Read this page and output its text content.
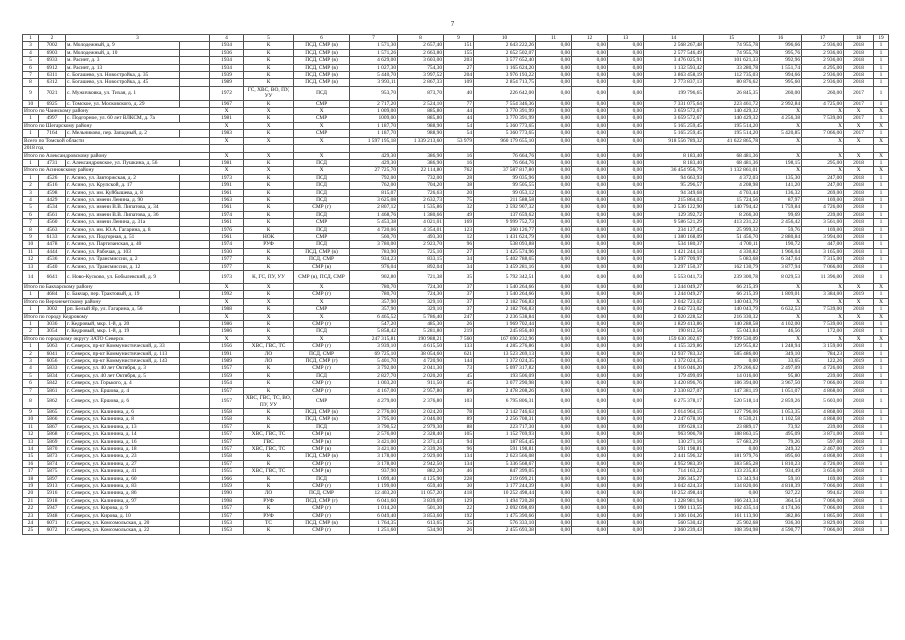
7
1	2	3		4	5	6	7	8	9	10	11	12	13	14	15	16	17	18	19
3	7002	м. Молодежный, д. 9		1934	К	ПСД, СМР (в)	1 571,30	2 657,40	151	2 643 222,26	0,00	0,00	0,00	2 568 267,48	74 955,78	996,66	2 936,00	2018	1
4	6903	м. Молодежный, д. 10		1936	К	ПСД, СМР (в)	1 571,26	2 663,80	155	2 652 502,07	0,00	0,00	0,00	2 577 546,49	74 955,78	995,76	2 936,00	2018	1
5	6933	м. Расинт, д. 3		1934	К	ПСД, СМР (в)	4 629,00	3 603,00	203	3 577 652,40	0,00	0,00	0,00	3 476 025,91	101 621,33	992,96	2 936,00	2018	1
6	6912	м. Расинт, д. 13		1934	К	ПСД, СМР (в)	1 027,30	754,30	27	1 165 624,20	0,00	0,00	0,00	1 132 593,42	33 280,78	1 551,74	4 295,00	2018	1
7	6311	с. Богашево, ул. Новостройка, д. 35		1939	К	ПСД, СМР (в)	5 440,70	3 997,52	204	3 976 193,22	0,00	0,00	0,00	3 863 458,19	112 735,03	994,66	2 936,00	2018	1
8	6312	с. Богашево, ул. Новостройка, д. 45		1989	К	ПСД, СМР (в)	3 993,11	2 867,33	109	2 854 713,75	0,00	0,00	0,00	2 773 837,13	80 876,62	995,60	2 936,00	2018	1
9	7021	с. Мужичковка, ул. Тихая, д. 1		1972	ГС, ХВС, ВО, ПУ, УУ	ПСД	953,70	873,70	40	226 642,00	0,00	0,00	0,00	199 796,65	26 845,35	260,00	260,00	2017	1
10	6925	с. Томское, ул. Московского, д. 29		1967	К	СМР	2 717,20	2 524,10	77	7 554 346,36	0,00	0,00	0,00	7 331 075,64	223 461,72	2 992,84	4 725,00	2017	1
Итого по Чаинскому району				X	X	X	1 009,00	885,80	44	3 770 391,99	0,00	0,00	0,00	3 659 572,67	140 429,32	X	X	X	X
1	4997	с. Подгорное, ул. 60 лет ВЛКСМ, д. 7а		1981	К	СМР	1009,00	885,80	44	3 770 391,99	0,00	0,00	0,00	3 659 572,67	140 429,32	4 256,38	7 539,00	2017	1
Итого по Шегарскому району				X	X	X	1 187,70	988,90	54	5 360 773,65	0,00	0,00	0,00	5 165 259,45	195 514,20	X	X	X	X
1	7164	с. Мельниково, пер. Западный, д. 2		1983	К	СМР	1 187,70	988,90	54	5 360 773,65	0,00	0,00	0,00	5 165 259,45	195 514,20	5 420,85	7 066,00	2017	1
Всего по Томской области				X	X	X	1 597 195,18	1 339 213,60	53 979	960 179 655,10	0,00	0,00	0,00	918 556 789,32	41 622 865,78	X	X	X	X
2018 год																			
Итого по Александровскому району				X	X	X	429,30	386,90	16	76 664,76	0,00	0,00	0,00	8 183,40	68 481,36	X	X	X	X
1	4731	с. Александровское, ул. Пушкина, д. 56		1981	К	ПСД	429,30	386,90	16	76 664,76	0,00	0,00	0,00	8 183,40	68 481,36	198,15	295,00	2018	1
Итого по Асиновскому району				X	X	X	27 725,70	22 114,80	762	37 587 817,80	0,00	0,00	0,00	36 454 956,79	1 132 861,01	X	X	X	X
1	4526	г. Асино, ул. Завторжская, д. 2		1973	К	ПСД	792,00	732,00	28	99 035,96	0,00	0,00	0,00	94 663,93	4 372,03	135,30	247,00	2018	1
2	4516	г. Асино, ул. Крупской, д. 17		1991	К	ПСД	762,00	704,20	38	99 505,55	0,00	0,00	0,00	95 296,57	4 208,98	141,20	247,00	2018	1
3	4598	г. Асино, ул. им. Куйбышева, д. 8		1961	К	ПСД	815,07	726,63	20	99 053,12	0,00	0,00	0,00	94 349,68	4 703,44	136,32	269,00	2018	1
4	4429	г. Асино, ул. имени Ленина, д. 90		1963	К	ПСД	3 625,08	2 632,73	75	211 588,58	0,00	0,00	0,00	215 864,02	15 724,56	87,97	169,00	2018	1
5	4534	г. Асино, ул. имени В.В. Липатова, д. 34		1961	К	СМР (г)	2 807,12	1 535,86	32	2 592 907,32	0,00	0,00	0,00	2 536 122,90	140 794,42	1 759,84	4 726,00	2018	1
6	4561	г. Асино, ул. имени В.В. Липатова, д. 36		1974	К	ПСД	1 468,76	1 380,66	49	137 659,62	0,00	0,00	0,00	129 392,72	8 266,30	99,69	239,00	2018	1
7	4560	г. Асино, ул. имени Ленина, д. 31а		1961	К	СМР	5 453,38	4 021,01	169	9 999 752,73	0,00	0,00	0,00	9 586 521,29	413 231,22	2 456,42	3 561,00	2018	1
8	4563	г. Асино, ул. им. Ю.А. Гагарина, д. 8		1976	К	ПСД	4 720,06	4 354,01	123	260 126,77	0,00	0,00	0,00	234 127,45	25 999,32	59,76	169,00	2018	1
9	6133	г. Асино, ул. Подгорная, д. 51		1961	НОК	СМР	560,70	493,30	12	1 431 624,79	0,00	0,00	0,00	1 380 168,09	51 456,70	2 880,84	3 994,00	2018	1
10	4478	г. Асино, ул. Партизанская, д. 40		1974	РУФ	ПСД	3 780,00	2 923,70	96	538 093,88	0,00	0,00	0,00	534 180,37	4 700,11	190,72	447,00	2018	1
11	4444	г. Асино, ул. Рабочая, д. 103		1930	К	ПСД, СМР (в)	783,90	725,10	27	1 425 574,96	0,00	0,00	0,00	1 421 244,14	4 330,82	1 966,04	3 165,00	2018	1
12	4536	г. Асино, ул. Трансмиссии, д. 2		1977	К	ПСД, СМР	934,23	833,15	34	5 402 788,65	0,00	0,00	0,00	5 397 709,97	5 083,68	6 347,64	7 315,00	2018	1
13	4540	г. Асино, ул. Трансмиссии, д. 12		1977	К	СМР (в)	976,04	892,04	34	3 459 281,16	0,00	0,00	0,00	3 297 150,37	162 130,79	3 877,94	7 066,00	2018	1
14	6641	с. Ново-Кусково, ул. Бобылевский, д. 9		1973	К, ГС, ПУ, УУ	СМР (в), ПСД, СМР	902,80	721,38	35	5 792 342,51	0,00	0,00	0,00	5 553 041,73	239 300,78	8 029,53	11 396,00	2018	1
Итого по Бакчарскому району				X	X	X	780,70	724,30	37	1 540 264,66	0,00	0,00	0,00	1 244 049,27	66 215,39	X	X	X	X
1	4684	с. Бакчар, пер. Трактовый, д. 19		1992	К	СМР (г)	780,70	724,30	37	1 540 264,66	0,00	0,00	0,00	1 244 049,27	66 215,39	1 809,01	3 384,00	2019	1
Итого по Верхнекетскому району				X	X	X	357,90	329,10	37	2 182 766,83	0,00	0,00	0,00	2 042 723,02	140 043,79	X	X	X	X
1	3002	рп. Белый Яр, ул. Гагарина, д. 56		1988	К	СМР	357,90	329,10	37	2 182 766,83	0,00	0,00	0,00	2 042 723,02	140 043,79	6 632,53	7 539,00	2018	1
Итого по городу Кедровому				X	X	X	6 465,52	5 786,40	247	2 236 538,84	0,00	0,00	0,00	2 020 228,52	216 330,32	X	X	X	X
1	3036	г. Кедровый, мкр. 1-й, д. 20		1986	К	СМР (г)	547,20	485,30	26	1 969 702,44	0,00	0,00	0,00	1 829 413,86	140 288,58	4 102,00	7 539,00	2018	1
2	3054	г. Кедровый, мкр. 1-й, д. 19		1986	К	ПСД	5 858,42	5 281,80	219	245 856,40	0,00	0,00	0,00	190 812,56	55 043,84	46,56	172,00	2018	1
Итого по городскому округу ЗАТО Северск				X	X	X	247 315,81	190 988,21	7 560	167 690 232,96	0,00	0,00	0,00	159 630 302,67	7 999 530,09	X	X	X	X
1	5063	г. Северск, пр-кт Коммунистический, д. 33		1956	ХВС, ГВС, ТС	СМР (г)	3 939,10	4 615,50	133	4 285 276,86	0,00	0,00	0,00	4 155 329,86	129 955,82	1 248,94	3 159,00	2018	1
2	6041	г. Северск, пр-кт Коммунистический, д. 113		1991	ЛО	ПСД, СМР	69 725,10	38 054,60	621	13 523 269,13	0,00	0,00	0,00	12 937 783,32	585 486,00	349,10	784,23	2018	1
3	6056	г. Северск, пр-кт Коммунистический, д. 143		1989	ЛО	ПСД, СМР (г)	5 401,70	4 720,90	144	1 372 024,35	0,00	0,00	0,00	1 372 024,35	0,00	33,65	122,26	2019	1
4	5833	г. Северск, ул. 40 лет Октября, д. 3		1957	К	СМР (г)	3 792,00	2 041,30	73	5 097 317,82	0,00	0,00	0,00	4 916 046,20	279 266,62	2 497,09	4 726,00	2018	1
5	5834	г. Северск, ул. 40 лет Октября, д. 5		1959	К	ПСД	2 827,70	2 020,20	45	193 506,09	0,00	0,00	0,00	179 499,09	14 016,00	95,80	239,00	2018	1
6	5842	г. Северск, ул. Горького, д. 4		1954	К	СМР (г)	1 003,20	911,50	45	3 077 290,98	0,00	0,00	0,00	3 420 896,76	186 394,00	3 967,50	7 066,00	2018	1
7	5861	г. Северск, ул. Ершова, д. 4		1957	К	СМР (г)	4 167,00	2 957,80	89	2 478 208,26	0,00	0,00	0,00	2 330 827,07	147 381,19	1 051,07	4 868,00	2018	1
8	5862	г. Северск, ул. Ершова, д. 6		1957	ХВС, ГВС, ТС, ВО, ПУ, УУ	СМР	4 279,00	2 376,80	103	6 795 806,31	0,00	0,00	0,00	6 275 378,17	520 518,14	2 859,26	5 603,00	2018	1
9	5865	г. Северск, ул. Калинина, д. 6		1958	К	ПСД, СМР (в)	2 776,00	2 024,20	78	2 142 746,63	0,00	0,00	0,00	2 014 964,15	127 796,06	1 053,35	4 868,00	2018	1
10	5866	г. Северск, ул. Калинина, д. 8		1958	К	ПСД, СМР (в)	3 795,00	2 046,00	89	2 256 708,31	0,00	0,00	0,00	2 247 678,10	8 530,21	1 102,58	4 868,00	2018	1
11	5867	г. Северск, ул. Калинина, д. 13		1957	К	ПСД	3 790,52	2 979,30	88	223 717,30	0,00	0,00	0,00	199 628,13	23 889,17	73,92	239,00	2018	1
12	5868	г. Северск, ул. Калинина, д. 14		1957	ХВС, ГВС, ТС	СМР (в)	2 576,00	2 328,40	105	1 152 769,93	0,00	0,00	0,00	963 906,78	188 863,15	495,09	3 871,00	2018	1
13	5869	г. Северск, ул. Калинина, д. 16		1957	ГВС	СМР (в)	3 421,00	2 371,43	94	187 854,45	0,00	0,00	0,00	130 271,16	57 683,29	79,26	597,00	2018	1
14	5870	г. Северск, ул. Калинина, д. 18		1957	ХВС, ГВС, ТС	СМР (в)	3 421,00	2 339,26	96	591 198,81	0,00	0,00	0,00	591 198,81	0,00	249,32	2 467,00	2019	1
15	5873	г. Северск, ул. Калинина, д. 23		1958	К	ПСД, СМР (в)	3 178,00	2 929,00	134	2 623 566,08	0,00	0,00	0,00	2 441 596,32	181 979,76	895,60	4 868,00	2018	1
16	5874	г. Северск, ул. Калинина, д. 27		1957	К	СМР (г)	3 178,00	2 942,50	134	5 336 568,67	0,00	0,00	0,00	4 952 983,39	383 585,28	1 810,23	4 726,00	2018	1
17	5875	г. Северск, ул. Калинина, д. 41		1955	ХВС, ГВС, ТС	СМР (в)	937,90	882,20	46	847 399,05	0,00	0,00	0,00	714 163,22	133 235,83	934,49	3 656,00	2018	1
18	5897	г. Северск, ул. Калинина, д. 60		1966	К	ПСД	1 099,40	4 125,90	228	219 699,21	0,00	0,00	0,00	206 345,27	13 343,94	59,10	169,00	2018	1
19	5913	г. Северск, ул. Калинина, д. 83		1959	К	СМР (г)	1 199,00	659,40	30	3 177 244,39	0,00	0,00	0,00	3 042 424,33	134 820,06	4 818,39	7 066,00	2018	1
20	5916	г. Северск, ул. Калинина, д. 86		1990	ЛО	ПСД, СМР	12 403,20	11 057,20	418	10 252 498,44	0,00	0,00	0,00	10 252 498,44	0,00	927,22	994,62	2018	1
21	5918	г. Северск, ул. Калинина, д. 97		1998	РУФ	ПСД, СМР (г)	6 041,60	3 839,69	129	1 494 720,28	0,00	0,00	0,00	1 228 981,94	166 243,34	364,54	7 066,00	2018	1
22	5947	г. Северск, ул. Кирова, д. 9		1957	К	СМР (г)	1 014,20	501,30	22	2 092 098,69	0,00	0,00	0,00	1 990 113,55	102 435,14	4 174,36	7 066,00	2018	1
23	5948	г. Северск, ул. Кирова, д. 10		1957	РУФ	СМР (г)	6 049,40	3 853,60	192	1 475 390,66	0,00	0,00	0,00	1 306 104,26	161 113,90	382,86	1 865,00	2018	1
24	6071	г. Северск, ул. Комсомольская, д. 20		1953	ТС	ПСД, СМР (в)	1 764,35	613,65	25	576 333,10	0,00	0,00	0,00	560 530,42	25 902,68	936,30	3 829,00	2018	1
25	6072	г. Северск, ул. Комсомольская, д. 22		1953	К	СМР (г)	1 251,60	534,90	26	2 455 693,38	0,00	0,00	0,00	2 360 239,43	108 394,98	4 590,77	7 066,00	2018	1
